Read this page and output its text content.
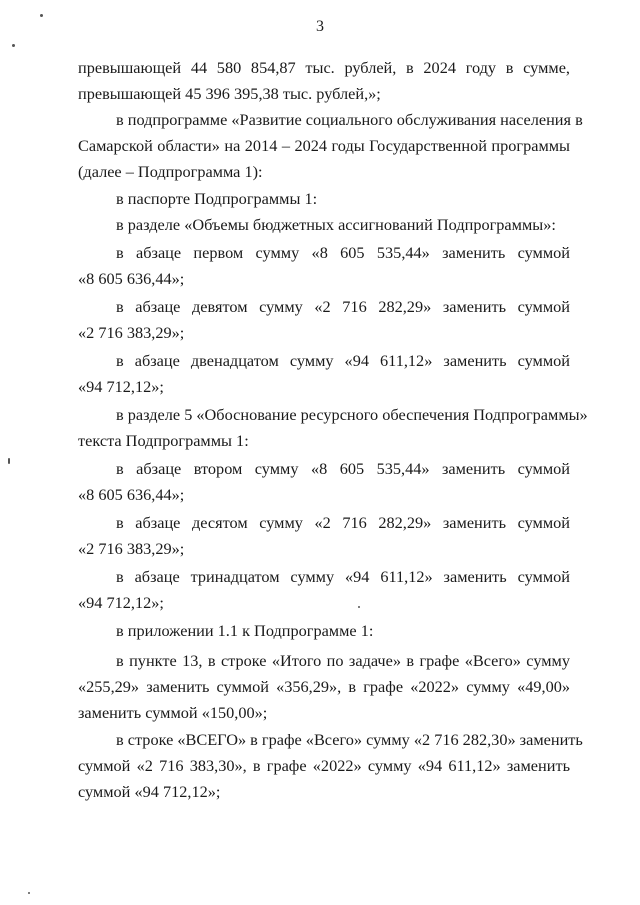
3
превышающей 44 580 854,87 тыс. рублей, в 2024 году в сумме,
превышающей 45 396 395,38 тыс. рублей,»;
в подпрограмме «Развитие социального обслуживания населения в
Самарской области» на 2014 – 2024 годы Государственной программы
(далее – Подпрограмма 1):
в паспорте Подпрограммы 1:
в разделе «Объемы бюджетных ассигнований Подпрограммы»:
в абзаце первом сумму «8 605 535,44» заменить суммой
«8 605 636,44»;
в абзаце девятом сумму «2 716 282,29» заменить суммой
«2 716 383,29»;
в абзаце двенадцатом сумму «94 611,12» заменить суммой
«94 712,12»;
в разделе 5 «Обоснование ресурсного обеспечения Подпрограммы»
текста Подпрограммы 1:
в абзаце втором сумму «8 605 535,44» заменить суммой
«8 605 636,44»;
в абзаце десятом сумму «2 716 282,29» заменить суммой
«2 716 383,29»;
в абзаце тринадцатом сумму «94 611,12» заменить суммой
«94 712,12»;
в приложении 1.1 к Подпрограмме 1:
в пункте 13, в строке «Итого по задаче» в графе «Всего» сумму
«255,29» заменить суммой «356,29», в графе «2022» сумму «49,00»
заменить суммой «150,00»;
в строке «ВСЕГО» в графе «Всего» сумму «2 716 282,30» заменить
суммой «2 716 383,30», в графе «2022» сумму «94 611,12» заменить
суммой «94 712,12»;
